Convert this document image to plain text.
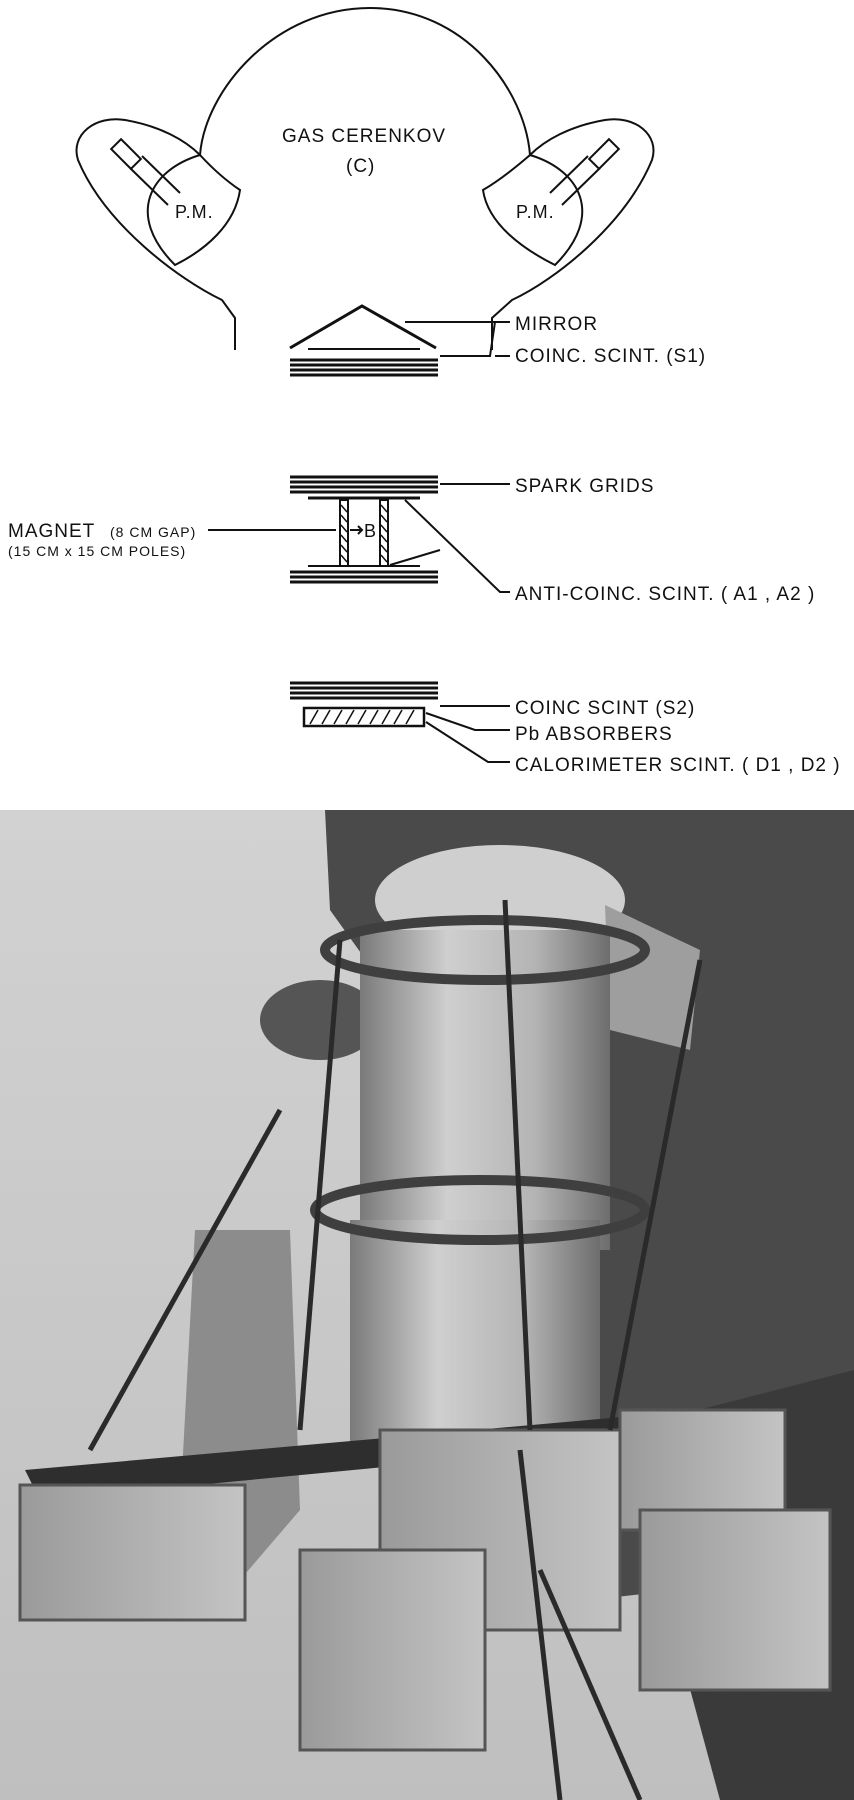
GAS CERENKOV
(C)
P.M.	P.M.
MIRROR
COINC. SCINT. (S1)
SPARK GRIDS
MAGNET (8 CM GAP)
(15 CM x 15 CM POLES)
B
ANTI-COINC. SCINT. ( A1 , A2 )
COINC SCINT (S2)
Pb ABSORBERS
CALORIMETER SCINT. ( D1 , D2 )
